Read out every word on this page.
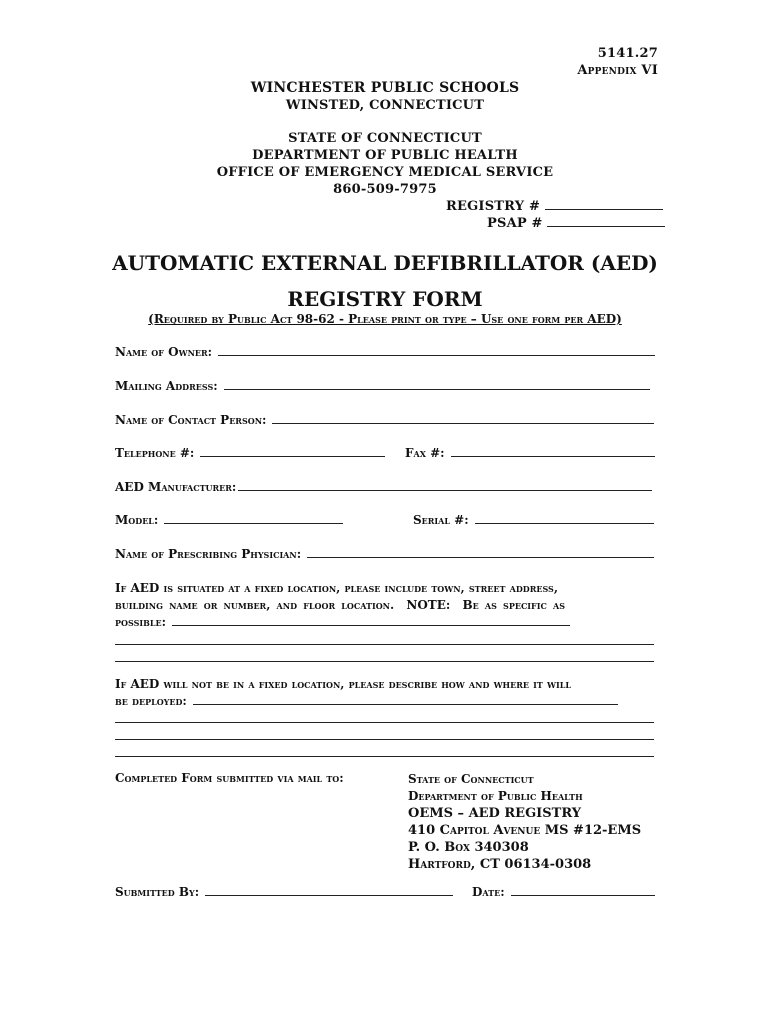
5141.27
Appendix VI
WINCHESTER PUBLIC SCHOOLS
WINSTED, CONNECTICUT
STATE OF CONNECTICUT
DEPARTMENT OF PUBLIC HEALTH
OFFICE OF EMERGENCY MEDICAL SERVICE
860-509-7975
REGISTRY #
PSAP #
AUTOMATIC EXTERNAL DEFIBRILLATOR (AED)
REGISTRY FORM
(Required by Public Act 98-62 - Please print or type – Use one form per AED)
Name of Owner:
Mailing Address:
Name of Contact Person:
Telephone #:	Fax #:
AED Manufacturer:
Model:	Serial #:
Name of Prescribing Physician:
If AED is situated at a fixed location, please include town, street address,
building name or number, and floor location. NOTE: Be as specific as
possible:
If AED will not be in a fixed location, please describe how and where it will
be deployed:
Completed Form submitted via mail to:	State of Connecticut
Department of Public Health
OEMS – AED REGISTRY
410 Capitol Avenue MS #12-EMS
P. O. Box 340308
Hartford, CT 06134-0308
Submitted By:	Date:
